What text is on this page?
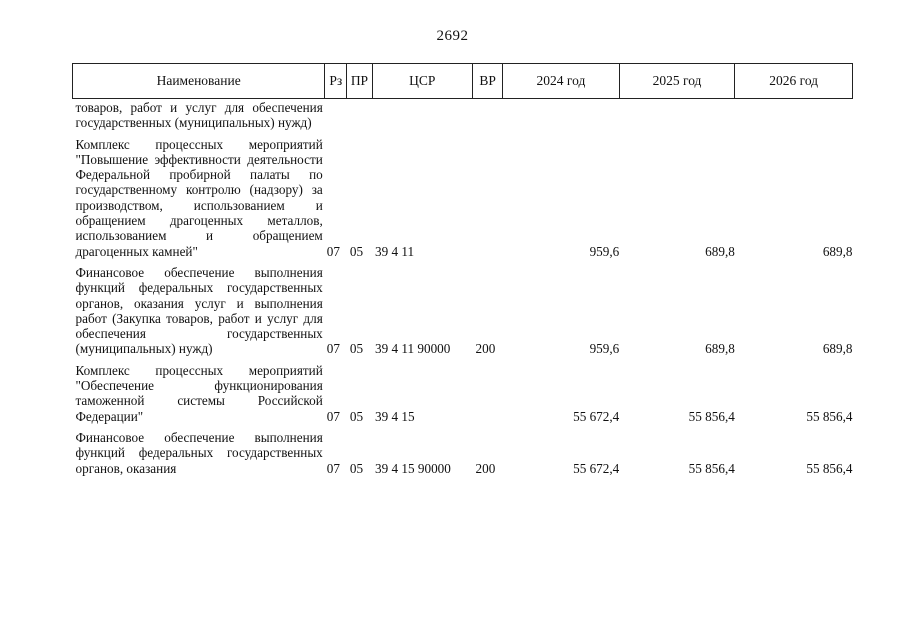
2692
Наименование	Рз	ПР	ЦСР	ВР	2024 год	2025 год	2026 год
товаров, работ и услуг для обеспечения государственных (муниципальных) нужд)							
Комплекс процессных мероприятий "Повышение эффективности деятельности Федеральной пробирной палаты по государственному контролю (надзору) за производством, использованием и обращением драгоценных металлов, использованием и обращением драгоценных камней"	07	05	39 4 11		959,6	689,8	689,8
Финансовое обеспечение выполнения функций федеральных государственных органов, оказания услуг и выполнения работ (Закупка товаров, работ и услуг для обеспечения государственных (муниципальных) нужд)	07	05	39 4 11 90000	200	959,6	689,8	689,8
Комплекс процессных мероприятий "Обеспечение функционирования таможенной системы Российской Федерации"	07	05	39 4 15		55 672,4	55 856,4	55 856,4
Финансовое обеспечение выполнения функций федеральных государственных органов, оказания	07	05	39 4 15 90000	200	55 672,4	55 856,4	55 856,4
